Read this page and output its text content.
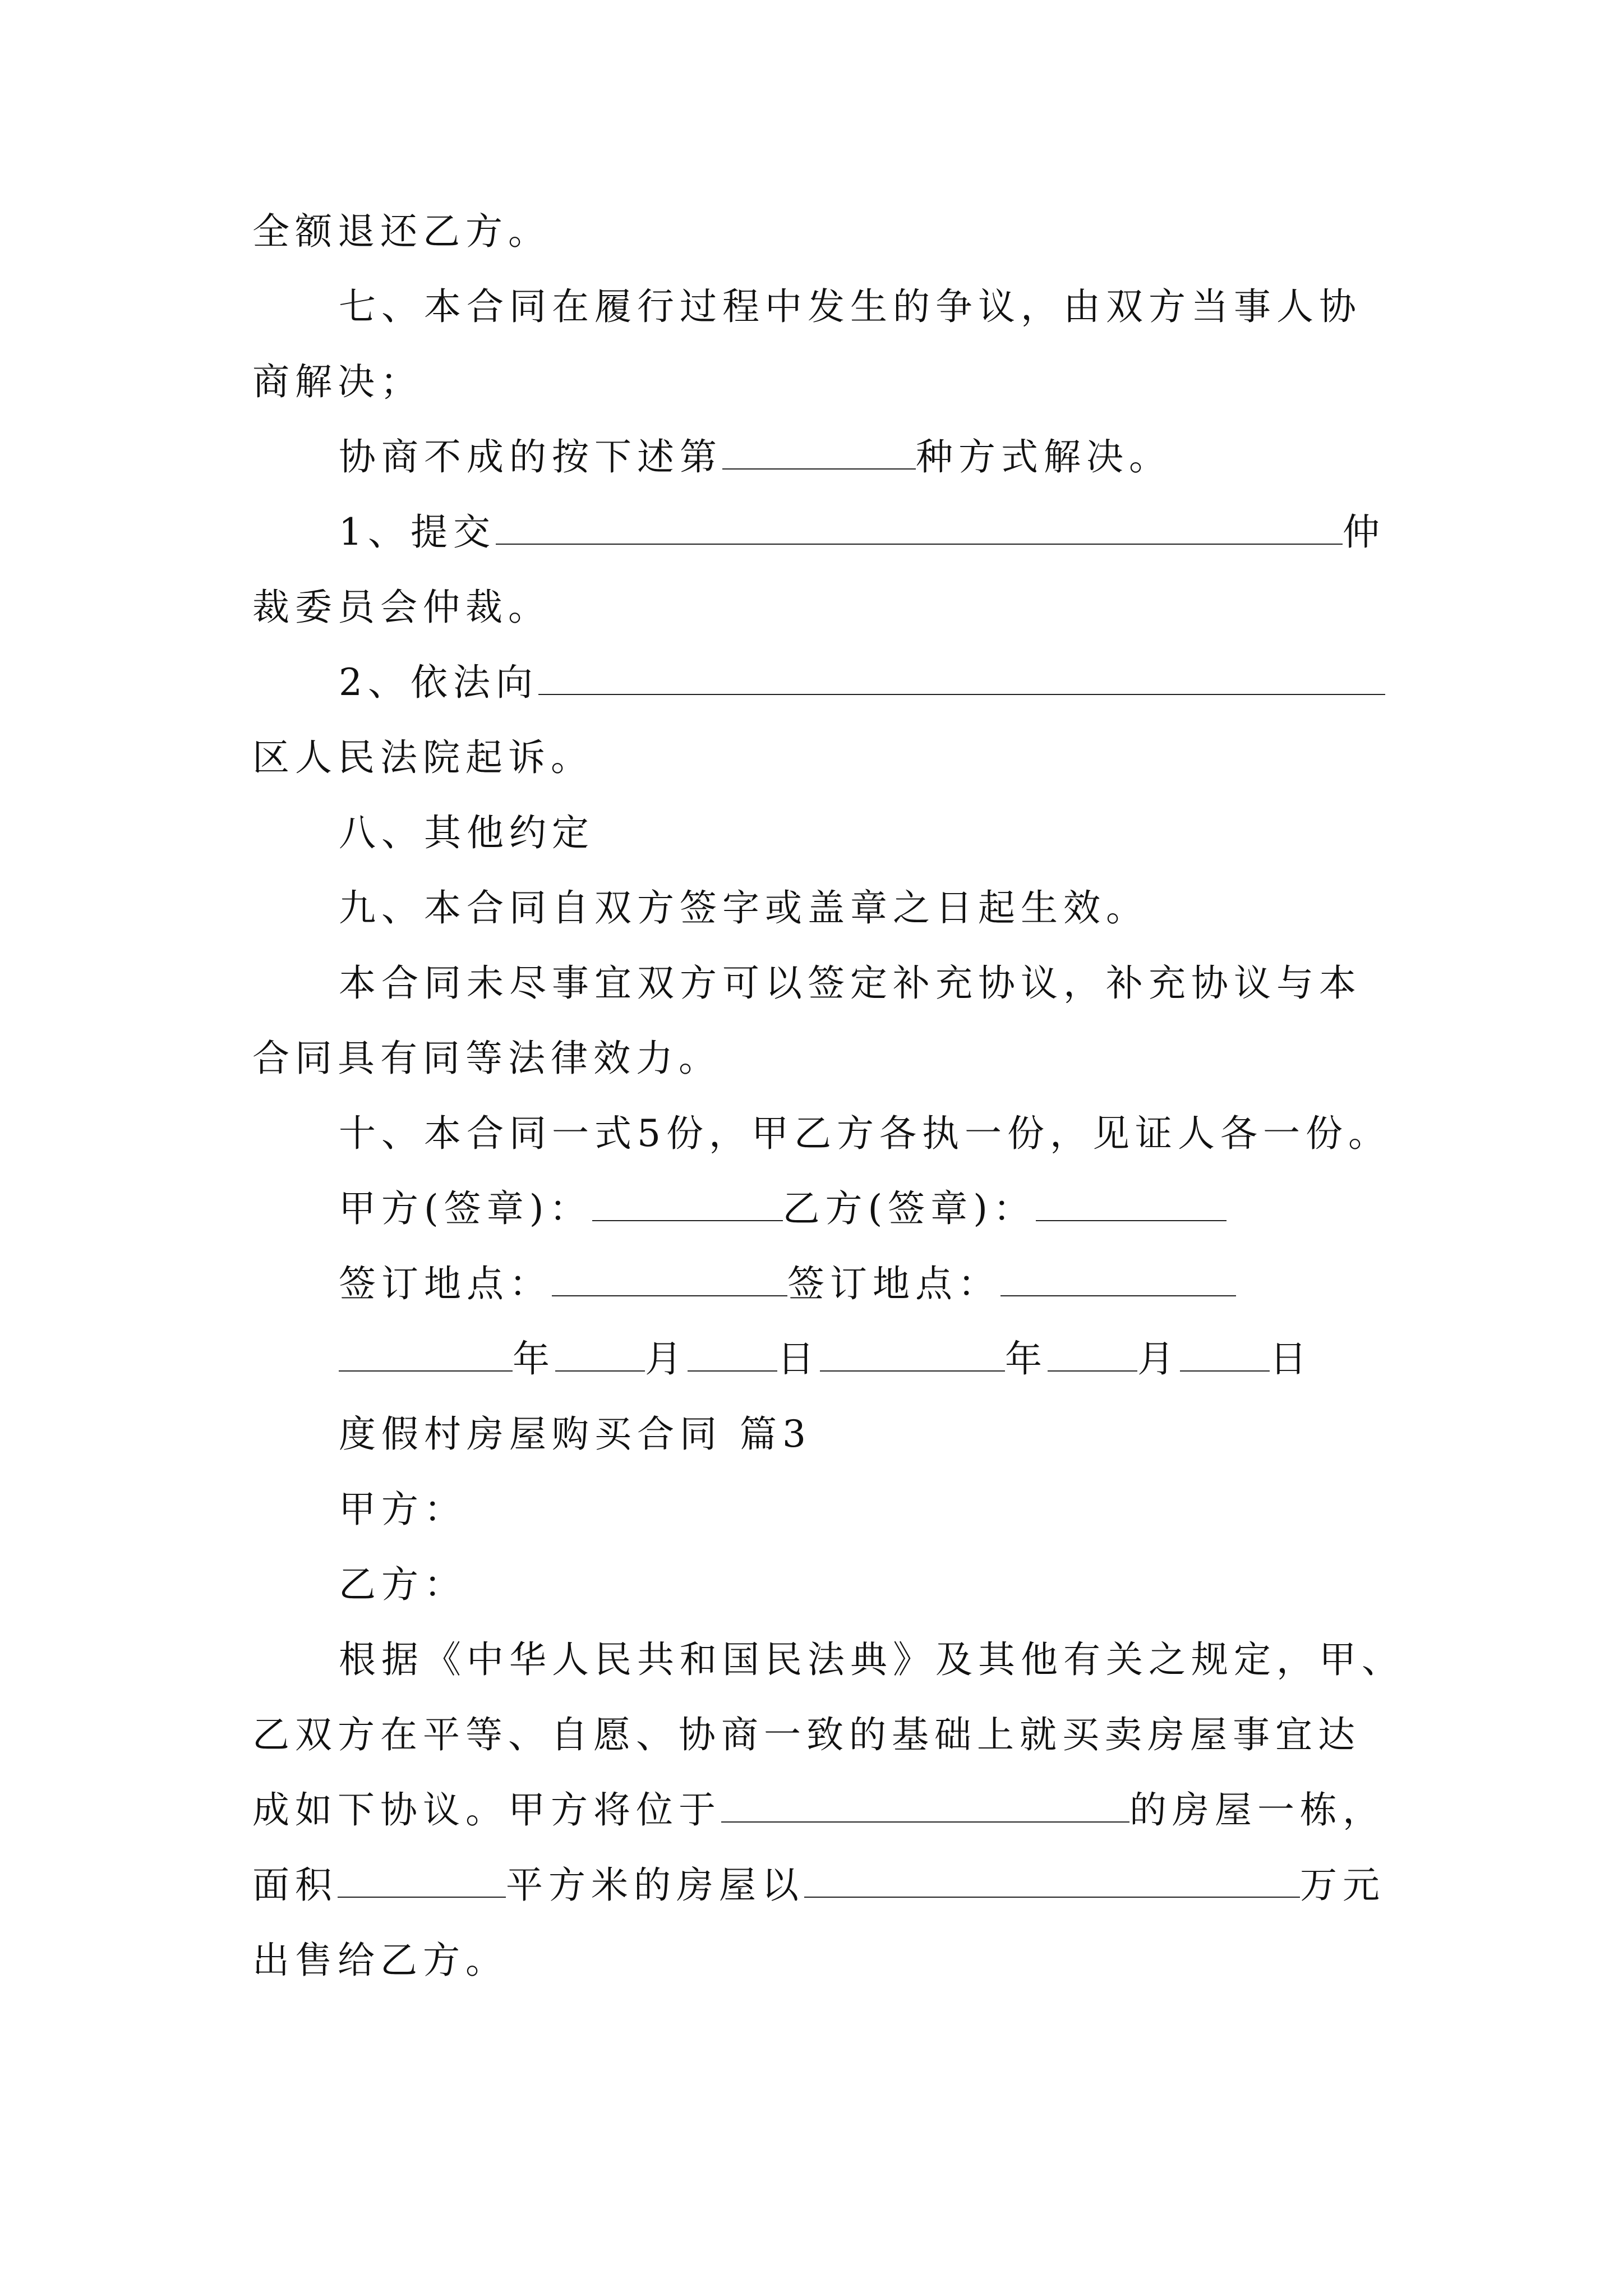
全额退还乙方。
七、本合同在履行过程中发生的争议，由双方当事人协
商解决；
协商不成的按下述第	种方式解决。
1、提交	仲
裁委员会仲裁。
2、依法向
区人民法院起诉。
八、其他约定
九、本合同自双方签字或盖章之日起生效。
本合同未尽事宜双方可以签定补充协议，补充协议与本
合同具有同等法律效力。
十、本合同一式5份，甲乙方各执一份，见证人各一份。
甲方(签章)：	乙方(签章)：
签订地点：	签订地点：
年 月 日	年 月 日
度假村房屋购买合同 篇3
甲方：
乙方：
根据《中华人民共和国民法典》及其他有关之规定，甲、
乙双方在平等、自愿、协商一致的基础上就买卖房屋事宜达
成如下协议。甲方将位于	的房屋一栋，
面积	平方米的房屋以	万元
出售给乙方。
